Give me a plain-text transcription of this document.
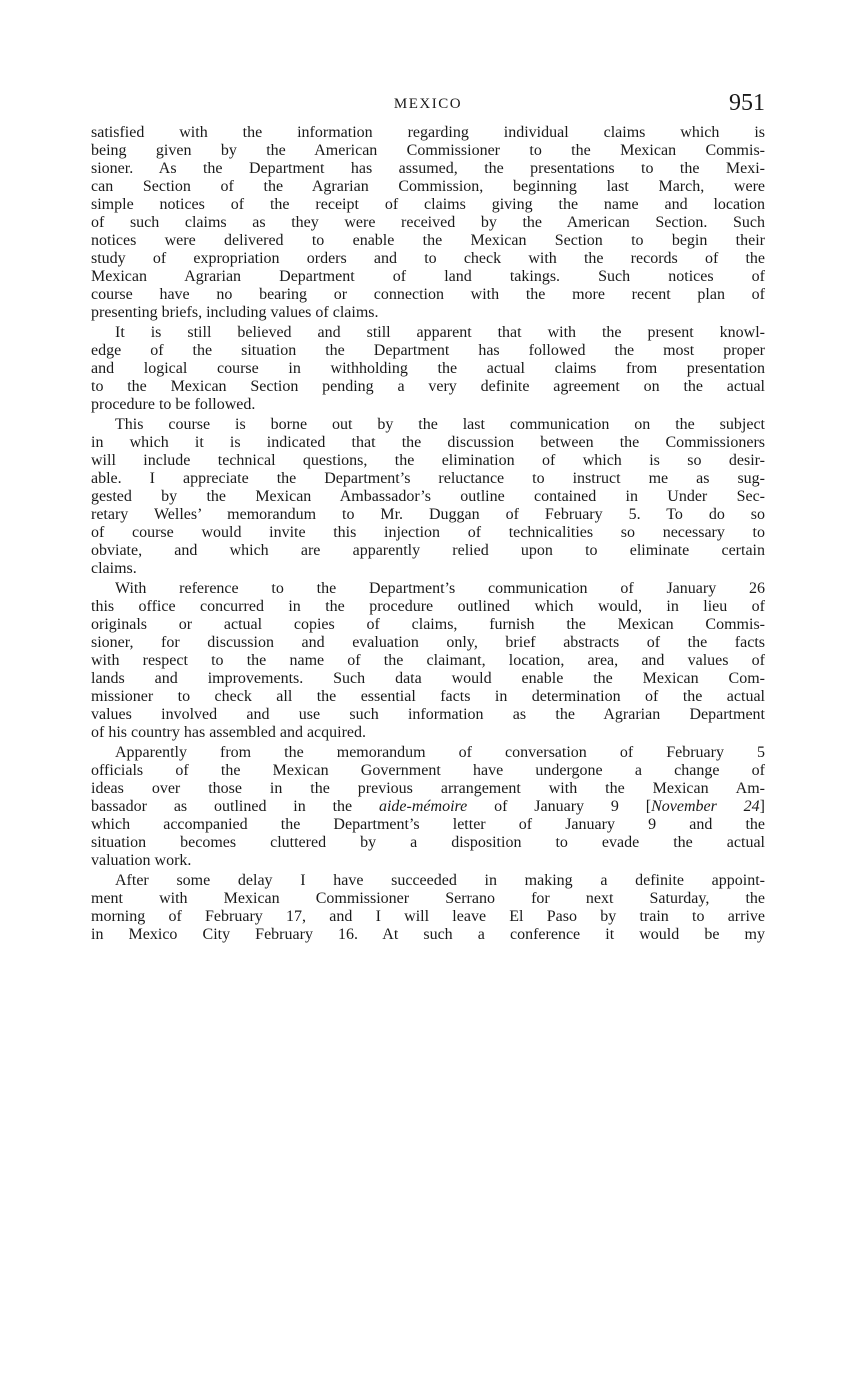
MEXICO	951
satisfied with the information regarding individual claims which is
being given by the American Commissioner to the Mexican Commis-
sioner. As the Department has assumed, the presentations to the Mexi-
can Section of the Agrarian Commission, beginning last March, were
simple notices of the receipt of claims giving the name and location
of such claims as they were received by the American Section. Such
notices were delivered to enable the Mexican Section to begin their
study of expropriation orders and to check with the records of the
Mexican Agrarian Department of land takings. Such notices of
course have no bearing or connection with the more recent plan of
presenting briefs, including values of claims.
It is still believed and still apparent that with the present knowl-
edge of the situation the Department has followed the most proper
and logical course in withholding the actual claims from presentation
to the Mexican Section pending a very definite agreement on the actual
procedure to be followed.
This course is borne out by the last communication on the subject
in which it is indicated that the discussion between the Commissioners
will include technical questions, the elimination of which is so desir-
able. I appreciate the Department’s reluctance to instruct me as sug-
gested by the Mexican Ambassador’s outline contained in Under Sec-
retary Welles’ memorandum to Mr. Duggan of February 5. To do so
of course would invite this injection of technicalities so necessary to
obviate, and which are apparently relied upon to eliminate certain
claims.
With reference to the Department’s communication of January 26
this office concurred in the procedure outlined which would, in lieu of
originals or actual copies of claims, furnish the Mexican Commis-
sioner, for discussion and evaluation only, brief abstracts of the facts
with respect to the name of the claimant, location, area, and values of
lands and improvements. Such data would enable the Mexican Com-
missioner to check all the essential facts in determination of the actual
values involved and use such information as the Agrarian Department
of his country has assembled and acquired.
Apparently from the memorandum of conversation of February 5
officials of the Mexican Government have undergone a change of
ideas over those in the previous arrangement with the Mexican Am-
bassador as outlined in the aide-mémoire of January 9 [November 24]
which accompanied the Department’s letter of January 9 and the
situation becomes cluttered by a disposition to evade the actual
valuation work.
After some delay I have succeeded in making a definite appoint-
ment with Mexican Commissioner Serrano for next Saturday, the
morning of February 17, and I will leave El Paso by train to arrive
in Mexico City February 16. At such a conference it would be my
